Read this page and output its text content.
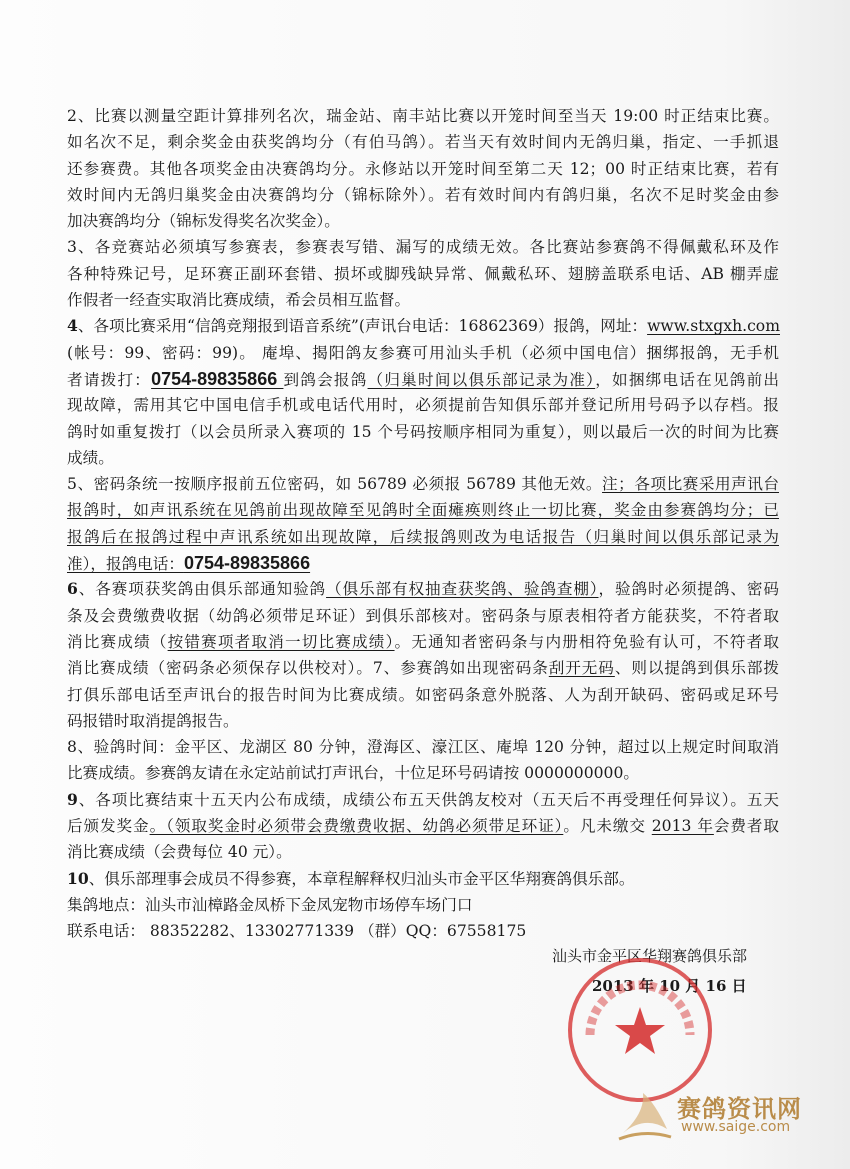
2、比赛以测量空距计算排列名次，瑞金站、南丰站比赛以开笼时间至当天 19:00 时正结束比赛。
如名次不足，剩余奖金由获奖鸽均分（有伯马鸽）。若当天有效时间内无鸽归巢，指定、一手抓退
还参赛费。其他各项奖金由决赛鸽均分。永修站以开笼时间至第二天 12；00 时正结束比赛，若有
效时间内无鸽归巢奖金由决赛鸽均分（锦标除外）。若有效时间内有鸽归巢，名次不足时奖金由参
加决赛鸽均分（锦标发得奖名次奖金）。
3、各竞赛站必须填写参赛表，参赛表写错、漏写的成绩无效。各比赛站参赛鸽不得佩戴私环及作
各种特殊记号，足环赛正副环套错、损坏或脚残缺异常、佩戴私环、翅膀盖联系电话、AB 棚弄虚
作假者一经查实取消比赛成绩，希会员相互监督。
4、各项比赛采用“信鸽竞翔报到语音系统”(声讯台电话：16862369）报鸽，网址：www.stxgxh.com
(帐号：99、密码：99)。 庵埠、揭阳鸽友参赛可用汕头手机（必须中国电信）捆绑报鸽，无手机
者请拨打：0754-89835866 到鸽会报鸽（归巢时间以俱乐部记录为准），如捆绑电话在见鸽前出
现故障，需用其它中国电信手机或电话代用时，必须提前告知俱乐部并登记所用号码予以存档。报
鸽时如重复拨打（以会员所录入赛项的 15 个号码按顺序相同为重复），则以最后一次的时间为比赛
成绩。
5、密码条统一按顺序报前五位密码，如 56789 必须报 56789 其他无效。注；各项比赛采用声讯台
报鸽时，如声讯系统在见鸽前出现故障至见鸽时全面瘫痪则终止一切比赛，奖金由参赛鸽均分；已
报鸽后在报鸽过程中声讯系统如出现故障，后续报鸽则改为电话报告（归巢时间以俱乐部记录为
准），报鸽电话：0754-89835866
6、各赛项获奖鸽由俱乐部通知验鸽（俱乐部有权抽查获奖鸽、验鸽查棚），验鸽时必须提鸽、密码
条及会费缴费收据（幼鸽必须带足环证）到俱乐部核对。密码条与原表相符者方能获奖，不符者取
消比赛成绩（按错赛项者取消一切比赛成绩）。无通知者密码条与内册相符免验有认可，不符者取
消比赛成绩（密码条必须保存以供校对）。7、参赛鸽如出现密码条刮开无码、则以提鸽到俱乐部拨
打俱乐部电话至声讯台的报告时间为比赛成绩。如密码条意外脱落、人为刮开缺码、密码或足环号
码报错时取消提鸽报告。
8、验鸽时间：金平区、龙湖区 80 分钟，澄海区、濠江区、庵埠 120 分钟，超过以上规定时间取消
比赛成绩。参赛鸽友请在永定站前试打声讯台，十位足环号码请按 0000000000。
9、各项比赛结束十五天内公布成绩，成绩公布五天供鸽友校对（五天后不再受理任何异议）。五天
后颁发奖金。（领取奖金时必须带会费缴费收据、幼鸽必须带足环证）。凡未缴交 2013 年会费者取
消比赛成绩（会费每位 40 元）。
10、俱乐部理事会成员不得参赛，本章程解释权归汕头市金平区华翔赛鸽俱乐部。
集鸽地点：汕头市汕樟路金凤桥下金凤宠物市场停车场门口
联系电话： 88352282、13302771339 （群）QQ：67558175
汕头市金平区华翔赛鸽俱乐部
2013 年 10 月 16 日
赛鸽资讯网
www.saige.com
